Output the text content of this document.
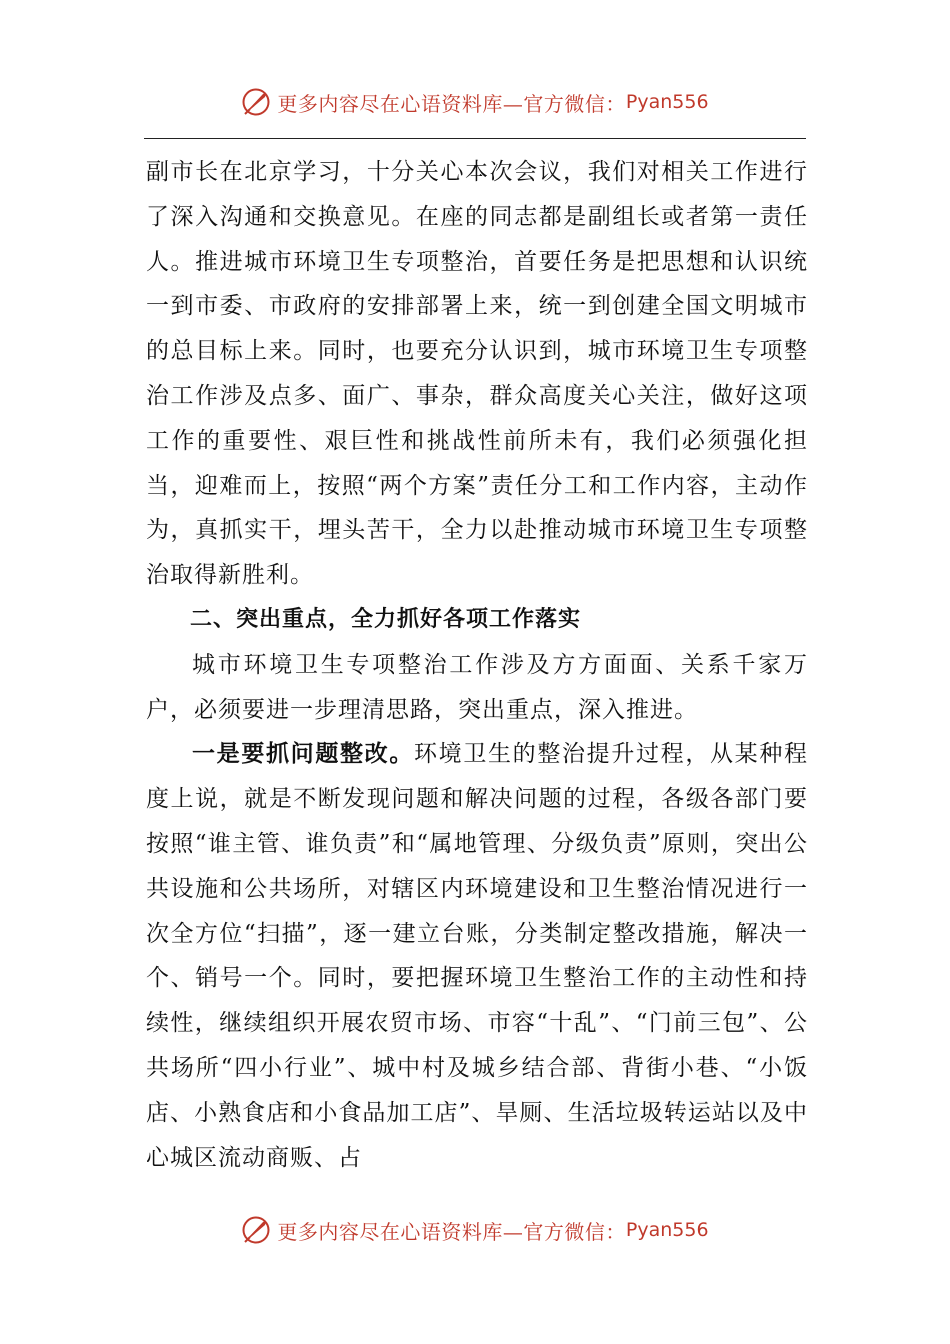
更多内容尽在心语资料库—官方微信： Pyan556

副市长在北京学习，十分关心本次会议，我们对相关工作进行了深入沟通和交换意见。在座的同志都是副组长或者第一责任人。推进城市环境卫生专项整治，首要任务是把思想和认识统一到市委、市政府的安排部署上来，统一到创建全国文明城市的总目标上来。同时，也要充分认识到，城市环境卫生专项整治工作涉及点多、面广、事杂，群众高度关心关注，做好这项工作的重要性、艰巨性和挑战性前所未有，我们必须强化担当，迎难而上，按照“两个方案”责任分工和工作内容，主动作为，真抓实干，埋头苦干，全力以赴推动城市环境卫生专项整治取得新胜利。

二、突出重点，全力抓好各项工作落实

城市环境卫生专项整治工作涉及方方面面、关系千家万户，必须要进一步理清思路，突出重点，深入推进。

一是要抓问题整改。环境卫生的整治提升过程，从某种程度上说，就是不断发现问题和解决问题的过程，各级各部门要按照“谁主管、谁负责”和“属地管理、分级负责”原则，突出公共设施和公共场所，对辖区内环境建设和卫生整治情况进行一次全方位“扫描”，逐一建立台账，分类制定整改措施，解决一个、销号一个。同时，要把握环境卫生整治工作的主动性和持续性，继续组织开展农贸市场、市容“十乱”、“门前三包”、公共场所“四小行业”、城中村及城乡结合部、背街小巷、“小饭店、小熟食店和小食品加工店”、旱厕、生活垃圾转运站以及中心城区流动商贩、占

更多内容尽在心语资料库—官方微信： Pyan556
